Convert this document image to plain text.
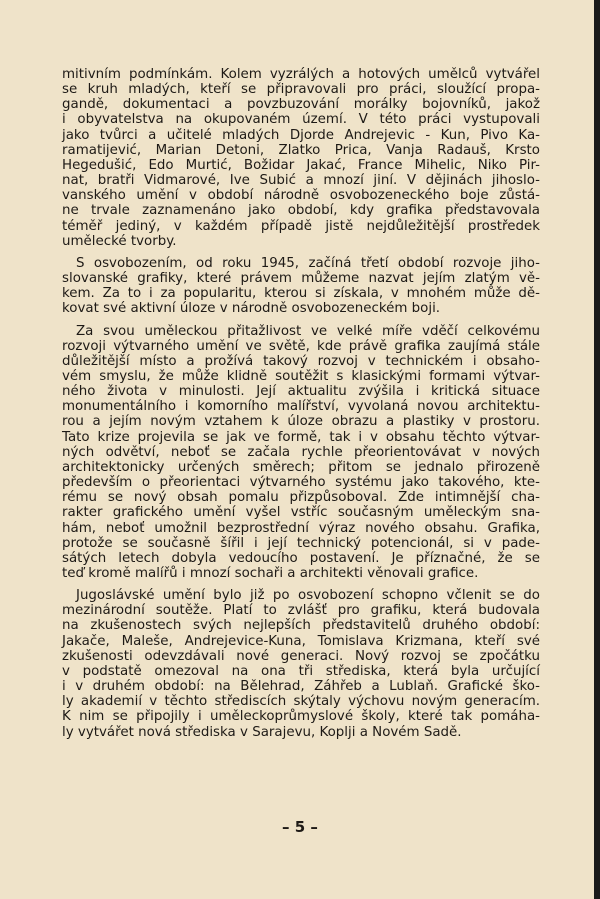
mitivním podmínkám. Kolem vyzrálých a hotových umělců vytvářel
se kruh mladých, kteří se připravovali pro práci, sloužící propa-
gandě, dokumentaci a povzbuzování morálky bojovníků, jakož
i obyvatelstva na okupovaném území. V této práci vystupovali
jako tvůrci a učitelé mladých Djorde Andrejevic - Kun, Pivo Ka-
ramatijević, Marian Detoni, Zlatko Prica, Vanja Radauš, Krsto
Hegedušić, Edo Murtić, Božidar Jakać, France Mihelic, Niko Pir-
nat, bratři Vidmarové, Ive Subić a mnozí jiní. V dějinách jihoslo-
vanského umění v období národně osvobozeneckého boje zůstá-
ne trvale zaznamenáno jako období, kdy grafika představovala
téměř jediný, v každém případě jistě nejdůležitější prostředek
umělecké tvorby.
S osvobozením, od roku 1945, začíná třetí období rozvoje jiho-
slovanské grafiky, které právem můžeme nazvat jejím zlatým vě-
kem. Za to i za popularitu, kterou si získala, v mnohém může dě-
kovat své aktivní úloze v národně osvobozeneckém boji.
Za svou uměleckou přitažlivost ve velké míře vděčí celkovému
rozvoji výtvarného umění ve světě, kde právě grafika zaujímá stále
důležitější místo a prožívá takový rozvoj v technickém i obsaho-
vém smyslu, že může klidně soutěžit s klasickými formami výtvar-
ného života v minulosti. Její aktualitu zvýšila i kritická situace
monumentálního i komorního malířství, vyvolaná novou architektu-
rou a jejím novým vztahem k úloze obrazu a plastiky v prostoru.
Tato krize projevila se jak ve formě, tak i v obsahu těchto výtvar-
ných odvětví, neboť se začala rychle přeorientovávat v nových
architektonicky určených směrech; přitom se jednalo přirozeně
především o přeorientaci výtvarného systému jako takového, kte-
rému se nový obsah pomalu přizpůsoboval. Zde intimnější cha-
rakter grafického umění vyšel vstříc současným uměleckým sna-
hám, neboť umožnil bezprostřední výraz nového obsahu. Grafika,
protože se současně šířil i její technický potencionál, si v pade-
sátých letech dobyla vedoucího postavení. Je příznačné, že se
teď kromě malířů i mnozí sochaři a architekti věnovali grafice.
Jugoslávské umění bylo již po osvobození schopno včlenit se do
mezinárodní soutěže. Platí to zvlášť pro grafiku, která budovala
na zkušenostech svých nejlepších představitelů druhého období:
Jakače, Maleše, Andrejevice-Kuna, Tomislava Krizmana, kteří své
zkušenosti odevzdávali nové generaci. Nový rozvoj se zpočátku
v podstatě omezoval na ona tři střediska, která byla určující
i v druhém období: na Bělehrad, Záhřeb a Lublaň. Grafické ško-
ly akademií v těchto střediscích skýtaly výchovu novým generacím.
K nim se připojily i uměleckoprůmyslové školy, které tak pomáha-
ly vytvářet nová střediska v Sarajevu, Koplji a Novém Sadě.
– 5 –
